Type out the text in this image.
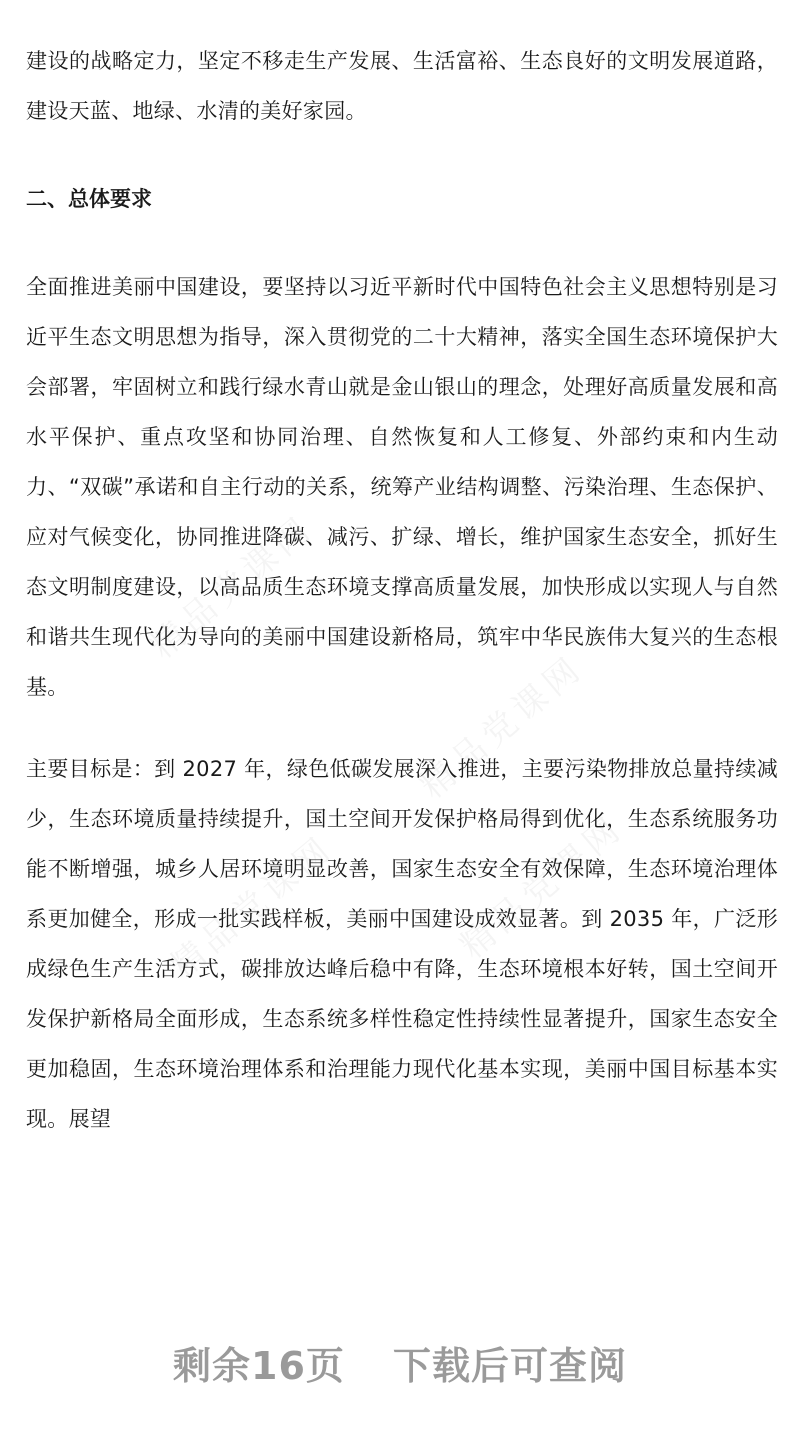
精品党课网
精品党课网
精品党课网	精品党课网

建设的战略定力，坚定不移走生产发展、生活富裕、生态良好的文明发展道路，建设天蓝、地绿、水清的美好家园。

二、总体要求

全面推进美丽中国建设，要坚持以习近平新时代中国特色社会主义思想特别是习近平生态文明思想为指导，深入贯彻党的二十大精神，落实全国生态环境保护大会部署，牢固树立和践行绿水青山就是金山银山的理念，处理好高质量发展和高水平保护、重点攻坚和协同治理、自然恢复和人工修复、外部约束和内生动力、“双碳”承诺和自主行动的关系，统筹产业结构调整、污染治理、生态保护、应对气候变化，协同推进降碳、减污、扩绿、增长，维护国家生态安全，抓好生态文明制度建设，以高品质生态环境支撑高质量发展，加快形成以实现人与自然和谐共生现代化为导向的美丽中国建设新格局，筑牢中华民族伟大复兴的生态根基。

主要目标是：到 2027 年，绿色低碳发展深入推进，主要污染物排放总量持续减少，生态环境质量持续提升，国土空间开发保护格局得到优化，生态系统服务功能不断增强，城乡人居环境明显改善，国家生态安全有效保障，生态环境治理体系更加健全，形成一批实践样板，美丽中国建设成效显著。到 2035 年，广泛形成绿色生产生活方式，碳排放达峰后稳中有降，生态环境根本好转，国土空间开发保护新格局全面形成，生态系统多样性稳定性持续性显著提升，国家生态安全更加稳固，生态环境治理体系和治理能力现代化基本实现，美丽中国目标基本实现。展望

剩余16页 下载后可查阅
